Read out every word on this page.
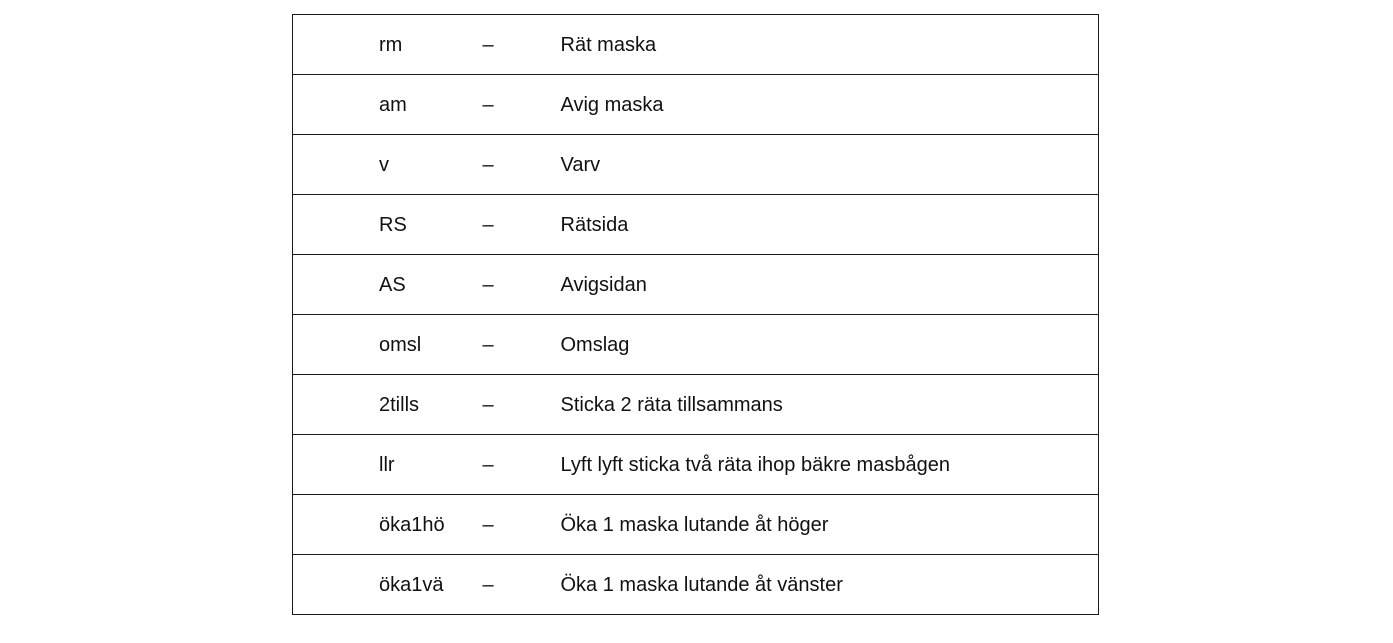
rm	–	Rät maska
am	–	Avig maska
v	–	Varv
RS	–	Rätsida
AS	–	Avigsidan
omsl	–	Omslag
2tills	–	Sticka 2 räta tillsammans
llr	–	Lyft lyft sticka två räta ihop bäkre masbågen
öka1hö	–	Öka 1 maska lutande åt höger
öka1vä	–	Öka 1 maska lutande åt vänster
